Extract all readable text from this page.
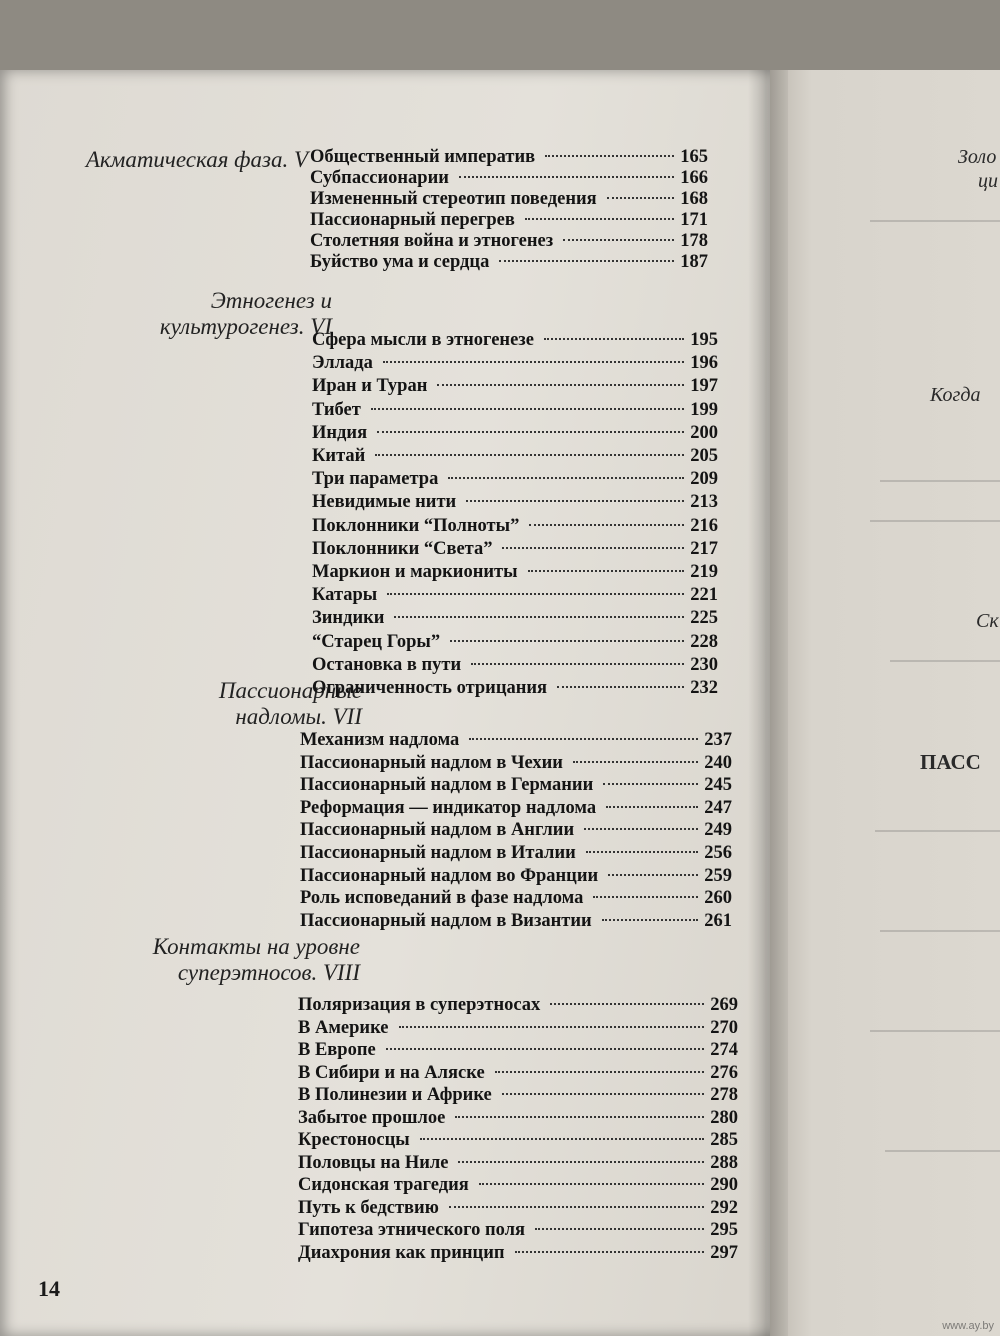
Золо
ци
Когда
Ск
ПАСС
Акматическая фаза. V
Этногенез и
культурогенез. VI
Пассионарные
надломы. VII
Контакты на уровне
суперэтносов. VIII
Общественный императив	165
Субпассионарии	166
Измененный стереотип поведения	168
Пассионарный перегрев	171
Столетняя война и этногенез	178
Буйство ума и сердца	187
Сфера мысли в этногенезе	195
Эллада	196
Иран и Туран	197
Тибет	199
Индия	200
Китай	205
Три параметра	209
Невидимые нити	213
Поклонники “Полноты”	216
Поклонники “Света”	217
Маркион и маркиониты	219
Катары	221
Зиндики	225
“Старец Горы”	228
Остановка в пути	230
Ограниченность отрицания	232
Механизм надлома	237
Пассионарный надлом в Чехии	240
Пассионарный надлом в Германии	245
Реформация — индикатор надлома	247
Пассионарный надлом в Англии	249
Пассионарный надлом в Италии	256
Пассионарный надлом во Франции	259
Роль исповеданий в фазе надлома	260
Пассионарный надлом в Византии	261
Поляризация в суперэтносах	269
В Америке	270
В Европе	274
В Сибири и на Аляске	276
В Полинезии и Африке	278
Забытое прошлое	280
Крестоносцы	285
Половцы на Ниле	288
Сидонская трагедия	290
Путь к бедствию	292
Гипотеза этнического поля	295
Диахрония как принцип	297
14
www.ay.by
